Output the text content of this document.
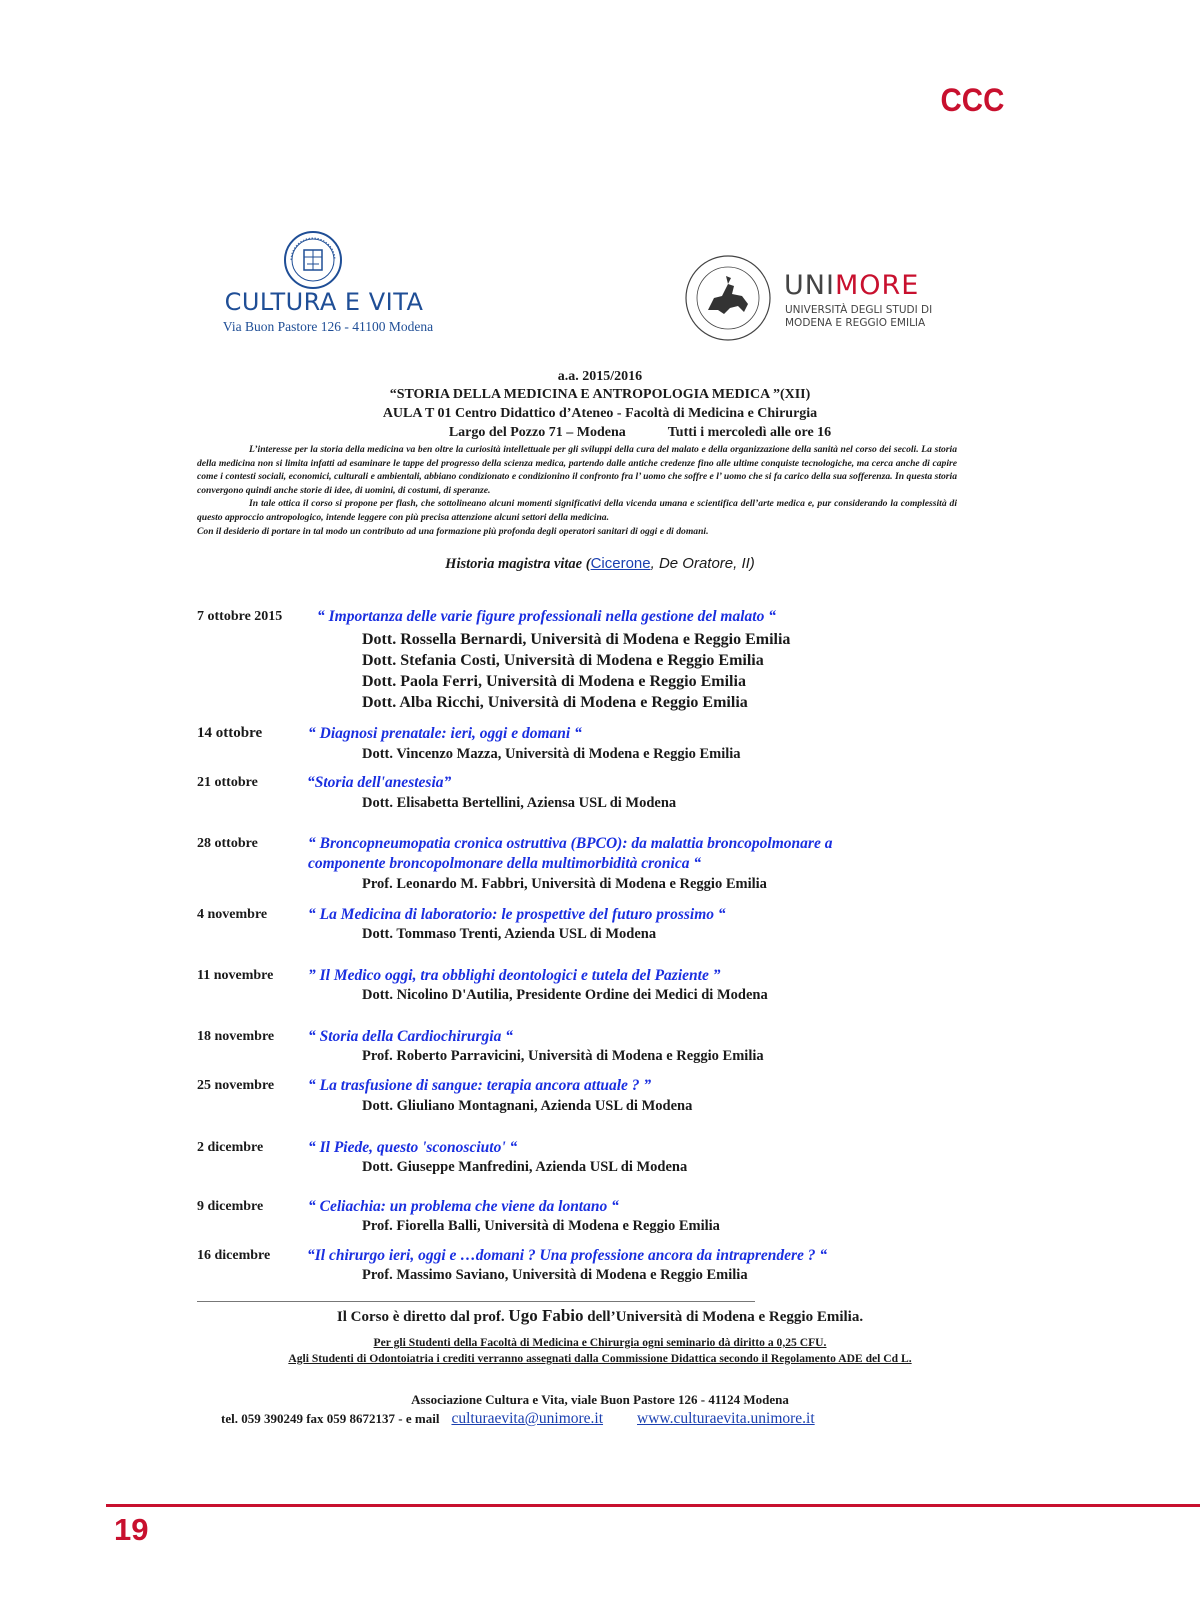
CCC
CULTURA E VITA
Via Buon Pastore 126 - 41100 Modena
UNIMORE
UNIVERSITÀ DEGLI STUDI DI
MODENA E REGGIO EMILIA
a.a. 2015/2016
“STORIA DELLA MEDICINA E ANTROPOLOGIA MEDICA ”(XII)
AULA T 01 Centro Didattico d’Ateneo - Facoltà di Medicina e Chirurgia
Largo del Pozzo 71 – Modena	Tutti i mercoledì alle ore 16

L’interesse per la storia della medicina va ben oltre la curiosità intellettuale per gli sviluppi della cura del malato e della organizzazione della sanità nel corso dei secoli. La storia della medicina non si limita infatti ad esaminare le tappe del progresso della scienza medica, partendo dalle antiche credenze fino alle ultime conquiste tecnologiche, ma cerca anche di capire come i contesti sociali, economici, culturali e ambientali, abbiano condizionato e condizionino il confronto fra l’ uomo che soffre e l’ uomo che si fa carico della sua sofferenza. In questa storia convergono quindi anche storie di idee, di uomini, di costumi, di speranze.

In tale ottica il corso si propone per flash, che sottolineano alcuni momenti significativi della vicenda umana e scientifica dell’arte medica e, pur considerando la complessità di questo approccio antropologico, intende leggere con più precisa attenzione alcuni settori della medicina.

Con il desiderio di portare in tal modo un contributo ad una formazione più profonda degli operatori sanitari di oggi e di domani.

Historia magistra vitae (Cicerone, De Oratore, II)
7 ottobre 2015 “ Importanza delle varie figure professionali nella gestione del malato “
Dott. Rossella Bernardi, Università di Modena e Reggio Emilia
Dott. Stefania Costi, Università di Modena e Reggio Emilia
Dott. Paola Ferri, Università di Modena e Reggio Emilia
Dott. Alba Ricchi, Università di Modena e Reggio Emilia
14 ottobre	“ Diagnosi prenatale: ieri, oggi e domani “
Dott. Vincenzo Mazza, Università di Modena e Reggio Emilia
21 ottobre	“Storia dell'anestesia”
Dott. Elisabetta Bertellini, Aziensa USL di Modena
28 ottobre	“ Broncopneumopatia cronica ostruttiva (BPCO): da malattia broncopolmonare a
componente broncopolmonare della multimorbidità cronica “
Prof. Leonardo M. Fabbri, Università di Modena e Reggio Emilia
4 novembre	“ La Medicina di laboratorio: le prospettive del futuro prossimo “
Dott. Tommaso Trenti, Azienda USL di Modena
11 novembre ” Il Medico oggi, tra obblighi deontologici e tutela del Paziente ”
Dott. Nicolino D'Autilia, Presidente Ordine dei Medici di Modena
18 novembre “ Storia della Cardiochirurgia “
Prof. Roberto Parravicini, Università di Modena e Reggio Emilia
25 novembre “ La trasfusione di sangue: terapia ancora attuale ? ”
Dott. Gliuliano Montagnani, Azienda USL di Modena
2 dicembre	“ Il Piede, questo 'sconosciuto' “
Dott. Giuseppe Manfredini, Azienda USL di Modena
9 dicembre	“ Celiachia: un problema che viene da lontano “
Prof. Fiorella Balli, Università di Modena e Reggio Emilia
16 dicembre “Il chirurgo ieri, oggi e …domani ? Una professione ancora da intraprendere ? “
Prof. Massimo Saviano, Università di Modena e Reggio Emilia
Il Corso è diretto dal prof. Ugo Fabio dell’Università di Modena e Reggio Emilia.
Per gli Studenti della Facoltà di Medicina e Chirurgia ogni seminario dà diritto a 0,25 CFU.
Agli Studenti di Odontoiatria i crediti verranno assegnati dalla Commissione Didattica secondo il Regolamento ADE del Cd L.
Associazione Cultura e Vita, viale Buon Pastore 126 - 41124 Modena
tel. 059 390249 fax 059 8672137 - e mail culturaevita@unimore.it www.culturaevita.unimore.it
19
